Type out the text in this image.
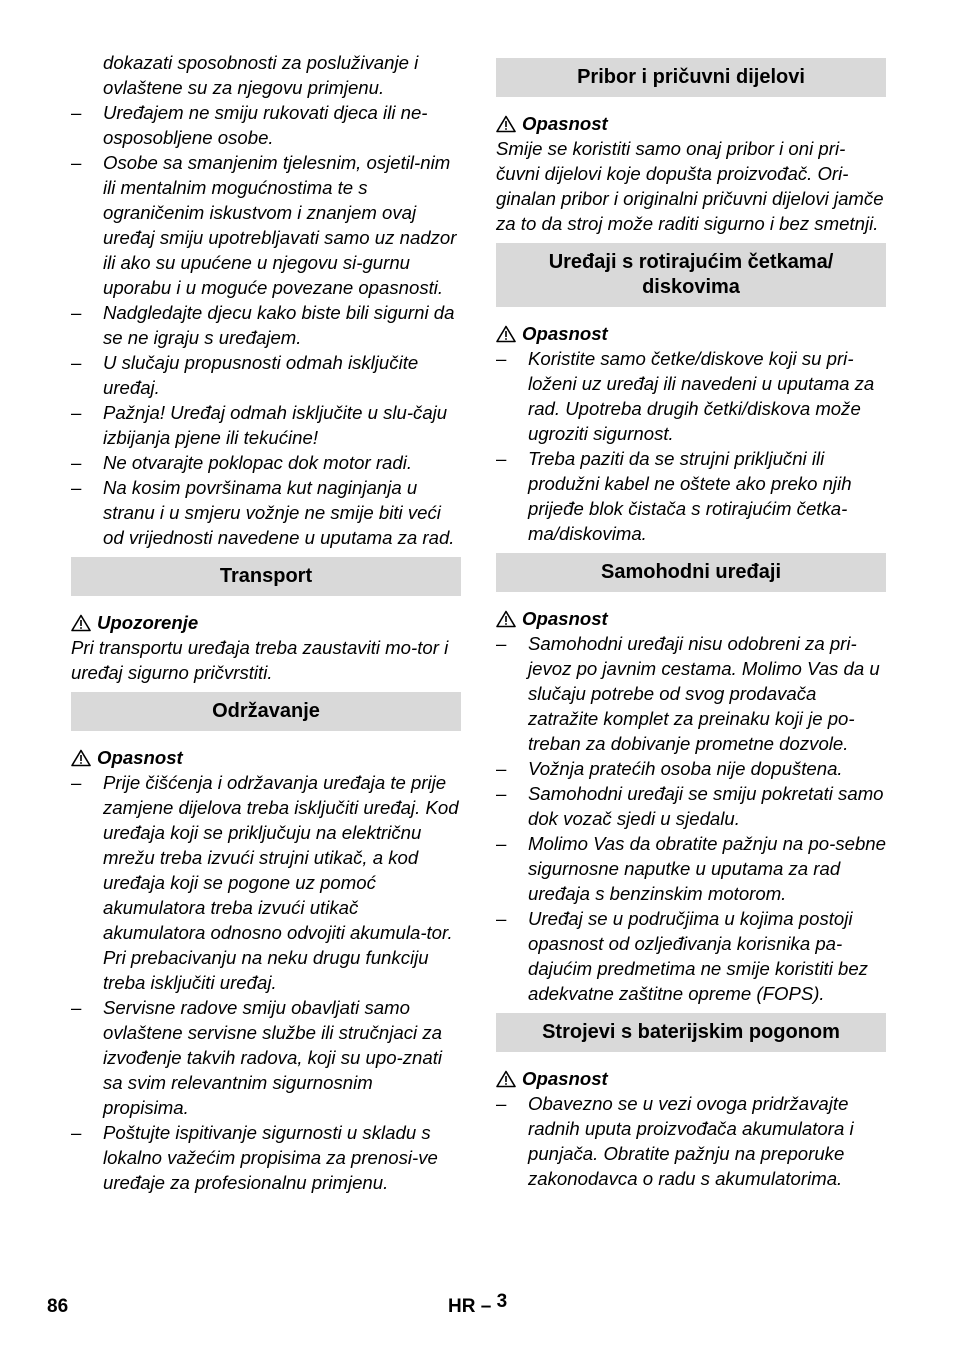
dokazati sposobnosti za posluživanje i ovlaštene su za njegovu primjenu.

– Uređajem ne smiju rukovati djeca ili ne-osposobljene osobe.
– Osobe sa smanjenim tjelesnim, osjetil-nim ili mentalnim mogućnostima te s ograničenim iskustvom i znanjem ovaj uređaj smiju upotrebljavati samo uz nadzor ili ako su upućene u njegovu si-gurnu uporabu i u moguće povezane opasnosti.
– Nadgledajte djecu kako biste bili sigurni da se ne igraju s uređajem.
– U slučaju propusnosti odmah isključite uređaj.
– Pažnja! Uređaj odmah isključite u slu-čaju izbijanja pjene ili tekućine!
– Ne otvarajte poklopac dok motor radi.
– Na kosim površinama kut naginjanja u stranu i u smjeru vožnje ne smije biti veći od vrijednosti navedene u uputama za rad.
Transport
Upozorenje

Pri transportu uređaja treba zaustaviti mo-tor i uređaj sigurno pričvrstiti.

Održavanje
Opasnost
– Prije čišćenja i održavanja uređaja te prije zamjene dijelova treba isključiti uređaj. Kod uređaja koji se priključuju na električnu mrežu treba izvući strujni utikač, a kod uređaja koji se pogone uz pomoć akumulatora treba izvući utikač akumulatora odnosno odvojiti akumula-tor. Pri prebacivanju na neku drugu funkciju treba isključiti uređaj.
– Servisne radove smiju obavljati samo ovlaštene servisne službe ili stručnjaci za izvođenje takvih radova, koji su upo-znati sa svim relevantnim sigurnosnim propisima.
– Poštujte ispitivanje sigurnosti u skladu s lokalno važećim propisima za prenosi-ve uređaje za profesionalnu primjenu.
Pribor i pričuvni dijelovi
Opasnost

Smije se koristiti samo onaj pribor i oni pri-čuvni dijelovi koje dopušta proizvođač. Ori-ginalan pribor i originalni pričuvni dijelovi jamče za to da stroj može raditi sigurno i bez smetnji.

Uređaji s rotirajućim četkama/ diskovima
Opasnost
– Koristite samo četke/diskove koji su pri-loženi uz uređaj ili navedeni u uputama za rad. Upotreba drugih četki/diskova može ugroziti sigurnost.
– Treba paziti da se strujni priključni ili produžni kabel ne oštete ako preko njih prijeđe blok čistača s rotirajućim četka-ma/diskovima.
Samohodni uređaji
Opasnost
– Samohodni uređaji nisu odobreni za pri-jevoz po javnim cestama. Molimo Vas da u slučaju potrebe od svog prodavača zatražite komplet za preinaku koji je po-treban za dobivanje prometne dozvole.
– Vožnja pratećih osoba nije dopuštena.
– Samohodni uređaji se smiju pokretati samo dok vozač sjedi u sjedalu.
– Molimo Vas da obratite pažnju na po-sebne sigurnosne naputke u uputama za rad uređaja s benzinskim motorom.
– Uređaj se u područjima u kojima postoji opasnost od ozljeđivanja korisnika pa-dajućim predmetima ne smije koristiti bez adekvatne zaštitne opreme (FOPS).
Strojevi s baterijskim pogonom
Opasnost
– Obavezno se u vezi ovoga pridržavajte radnih uputa proizvođača akumulatora i punjača. Obratite pažnju na preporuke zakonodavca o radu s akumulatorima.
86	HR – 3
